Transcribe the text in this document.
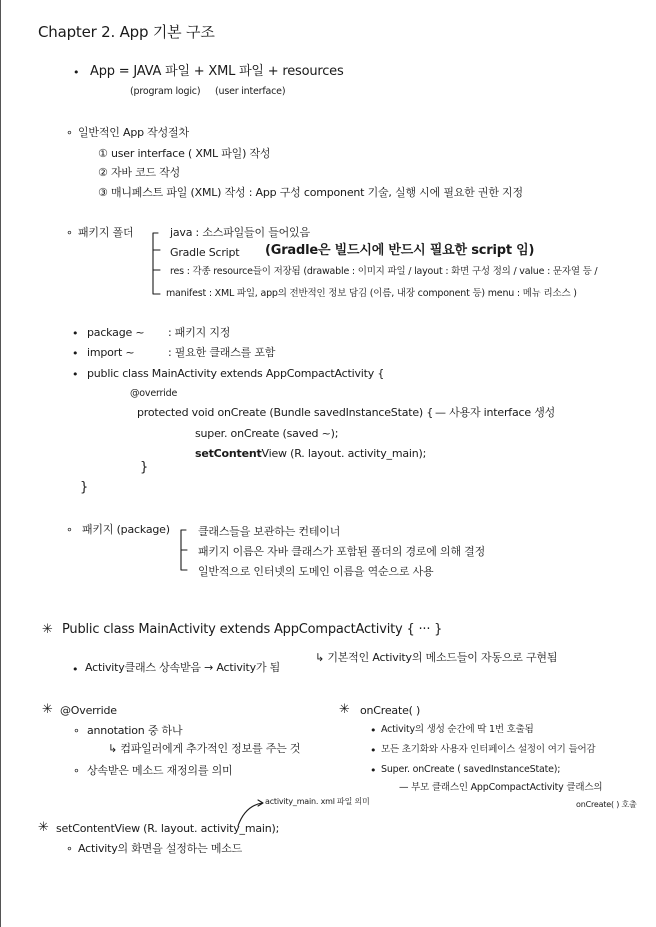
Chapter 2. App 기본 구조
• App = JAVA 파일 + XML 파일 + resources
(program logic) (user interface)
∘ 일반적인 App 작성절차
① user interface ( XML 파일) 작성
② 자바 코드 작성
③ 매니페스트 파일 (XML) 작성 : App 구성 component 기술, 실행 시에 필요한 권한 지정
∘ 패키지 폴더	java : 소스파일들이 들어있음
Gradle Script (Gradle은 빌드시에 반드시 필요한 script 임)
res : 각종 resource들이 저장됨 (drawable : 이미지 파일 / layout : 화면 구성 정의 / value : 문자열 등 /
manifest : XML 파일, app의 전반적인 정보 담김 (이름, 내장 component 등) menu : 메뉴 리소스 )
• package ~ : 패키지 지정
• import ~	: 필요한 클래스를 포함
• public class MainActivity extends AppCompactActivity {
@override
protected void onCreate (Bundle savedInstanceState) { — 사용자 interface 생성
super. onCreate (saved ~);
setContentView (R. layout. activity_main);
}
}
∘ 패키지 (package)	클래스들을 보관하는 컨테이너
패키지 이름은 자바 클래스가 포함된 폴더의 경로에 의해 결정
일반적으로 인터넷의 도메인 이름을 역순으로 사용
✳ Public class MainActivity extends AppCompactActivity { ··· }
↳ 기본적인 Activity의 메소드들이 자동으로 구현됨
• Activity클래스 상속받음 → Activity가 됨
✳ @Override
∘ annotation 중 하나
↳ 컴파일러에게 추가적인 정보를 주는 것
∘ 상속받은 메소드 재정의를 의미
✳ onCreate( )
• Activity의 생성 순간에 딱 1번 호출됨
• 모든 초기화와 사용자 인터페이스 설정이 여기 들어감
• Super. onCreate ( savedInstanceState);
— 부모 클래스인 AppCompactActivity 클래스의
onCreate( ) 호출
activity_main. xml 파일 의미
✳ setContentView (R. layout. activity_main);
∘ Activity의 화면을 설정하는 메소드
